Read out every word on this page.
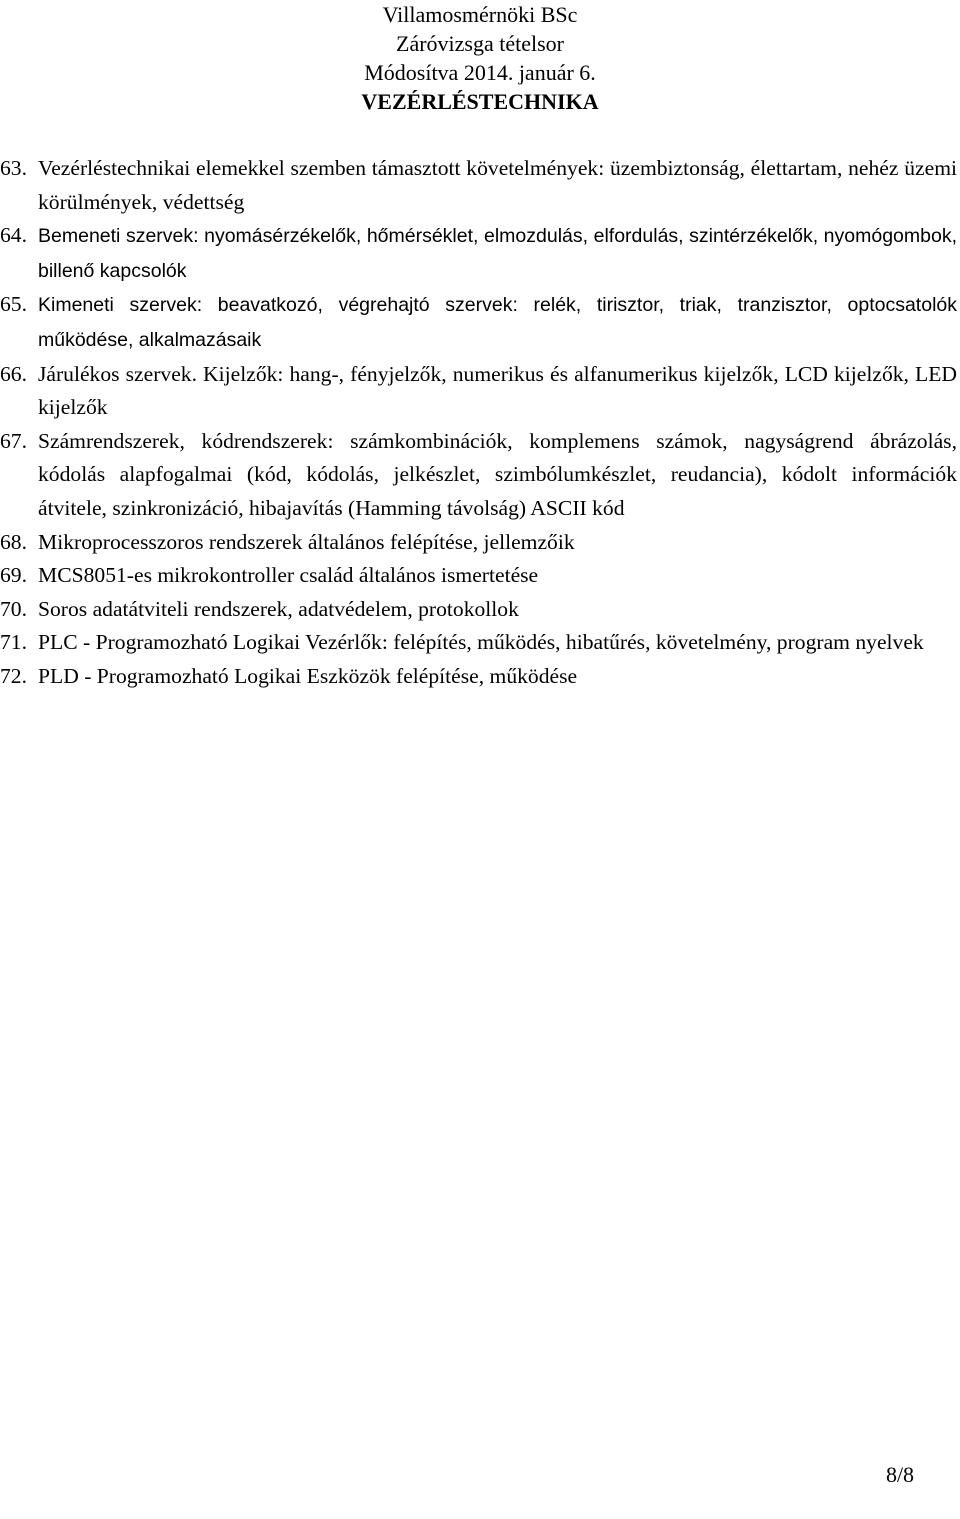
Villamosmérnöki BSc
Záróvizsga tételsor
Módosítva 2014. január 6.
VEZÉRLÉSTECHNIKA
63. Vezérléstechnikai elemekkel szemben támasztott követelmények: üzembiztonság, élettartam, nehéz üzemi körülmények, védettség
64. Bemeneti szervek: nyomásérzékelők, hőmérséklet, elmozdulás, elfordulás, szintérzékelők, nyomógombok, billenő kapcsolók
65. Kimeneti szervek: beavatkozó, végrehajtó szervek: relék, tirisztor, triak, tranzisztor, optocsatolók működése, alkalmazásaik
66. Járulékos szervek. Kijelzők: hang-, fényjelzők, numerikus és alfanumerikus kijelzők, LCD kijelzők, LED kijelzők
67. Számrendszerek, kódrendszerek: számkombinációk, komplemens számok, nagyságrend ábrázolás, kódolás alapfogalmai (kód, kódolás, jelkészlet, szimbólumkészlet, reudancia), kódolt információk átvitele, szinkronizáció, hibajavítás (Hamming távolság) ASCII kód
68. Mikroprocesszoros rendszerek általános felépítése, jellemzőik
69. MCS8051-es mikrokontroller család általános ismertetése
70. Soros adatátviteli rendszerek, adatvédelem, protokollok
71. PLC - Programozható Logikai Vezérlők: felépítés, működés, hibatűrés, követelmény, program nyelvek
72. PLD - Programozható Logikai Eszközök felépítése, működése
8/8
